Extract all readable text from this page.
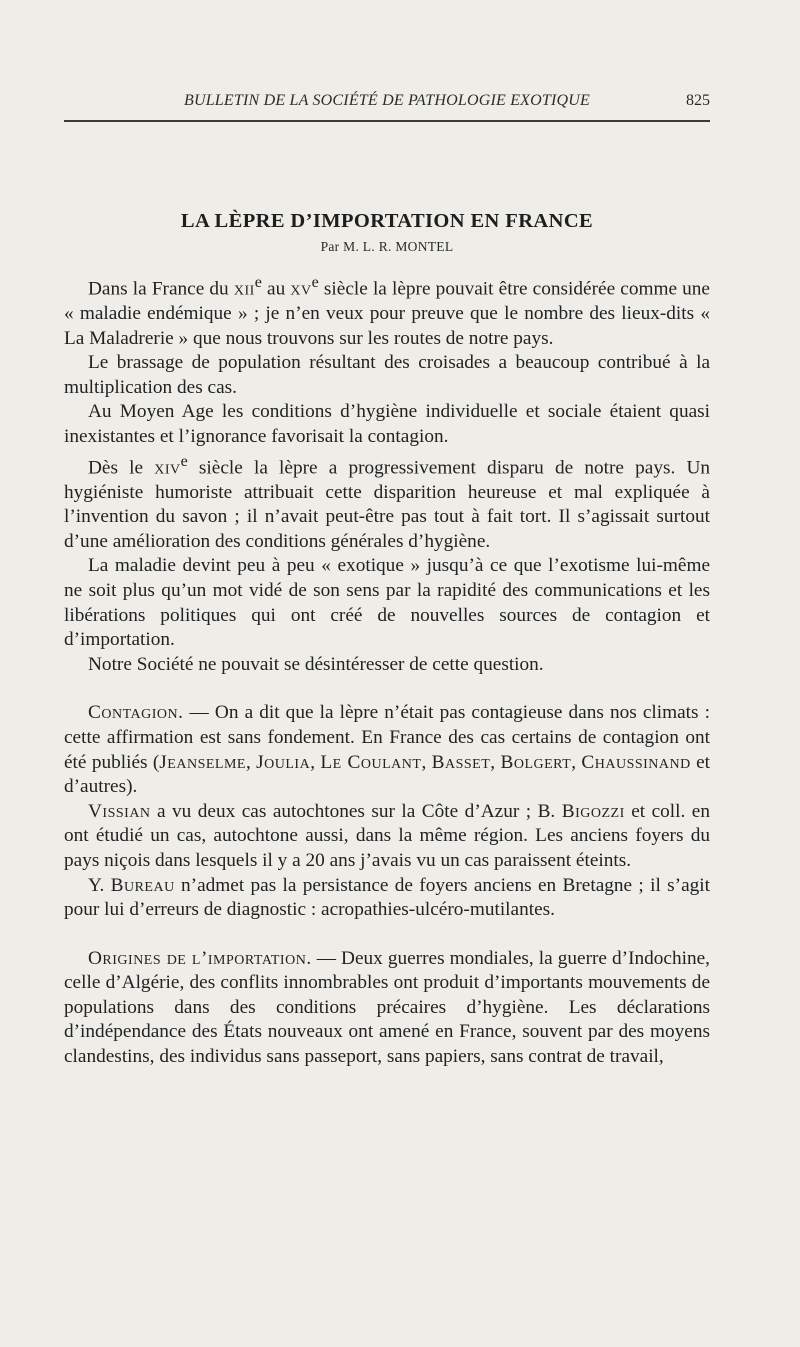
BULLETIN DE LA SOCIÉTÉ DE PATHOLOGIE EXOTIQUE	825
LA LÈPRE D’IMPORTATION EN FRANCE
Par M. L. R. MONTEL

Dans la France du xii$^e$ au $xv^e$ siècle la lèpre pouvait être considérée comme une « maladie endémique » ; je n’en veux pour preuve que le nombre des lieux-dits « La Maladrerie » que nous trouvons sur les routes de notre pays.

Le brassage de population résultant des croisades a beaucoup contribué à la multiplication des cas.

Au Moyen Age les conditions d’hygiène individuelle et sociale étaient quasi inexistantes et l’ignorance favorisait la contagion.

Dès le xiv$^e$ siècle la lèpre a progressivement disparu de notre pays. Un hygiéniste humoriste attribuait cette disparition heureuse et mal expliquée à l’invention du savon ; il n’avait peut-être pas tout à fait tort. Il s’agissait surtout d’une amélioration des conditions générales d’hygiène.

La maladie devint peu à peu « exotique » jusqu’à ce que l’exotisme lui-même ne soit plus qu’un mot vidé de son sens par la rapidité des communications et les libérations politiques qui ont créé de nouvelles sources de contagion et d’importation.

Notre Société ne pouvait se désintéresser de cette question.

Contagion. — On a dit que la lèpre n’était pas contagieuse dans nos climats : cette affirmation est sans fondement. En France des cas certains de contagion ont été publiés (Jeanselme, Joulia, Le Coulant, Basset, Bolgert, Chaussinand et d’autres).

Vissian a vu deux cas autochtones sur la Côte d’Azur ; B. Bigozzi et coll. en ont étudié un cas, autochtone aussi, dans la même région. Les anciens foyers du pays niçois dans lesquels il y a 20 ans j’avais vu un cas paraissent éteints.

Y. Bureau n’admet pas la persistance de foyers anciens en Bretagne ; il s’agit pour lui d’erreurs de diagnostic : acropathies-ulcéro-mutilantes.

Origines de l’importation. — Deux guerres mondiales, la guerre d’Indochine, celle d’Algérie, des conflits innombrables ont produit d’importants mouvements de populations dans des conditions précaires d’hygiène. Les déclarations d’indépendance des États nouveaux ont amené en France, souvent par des moyens clandestins, des individus sans passeport, sans papiers, sans contrat de travail,
